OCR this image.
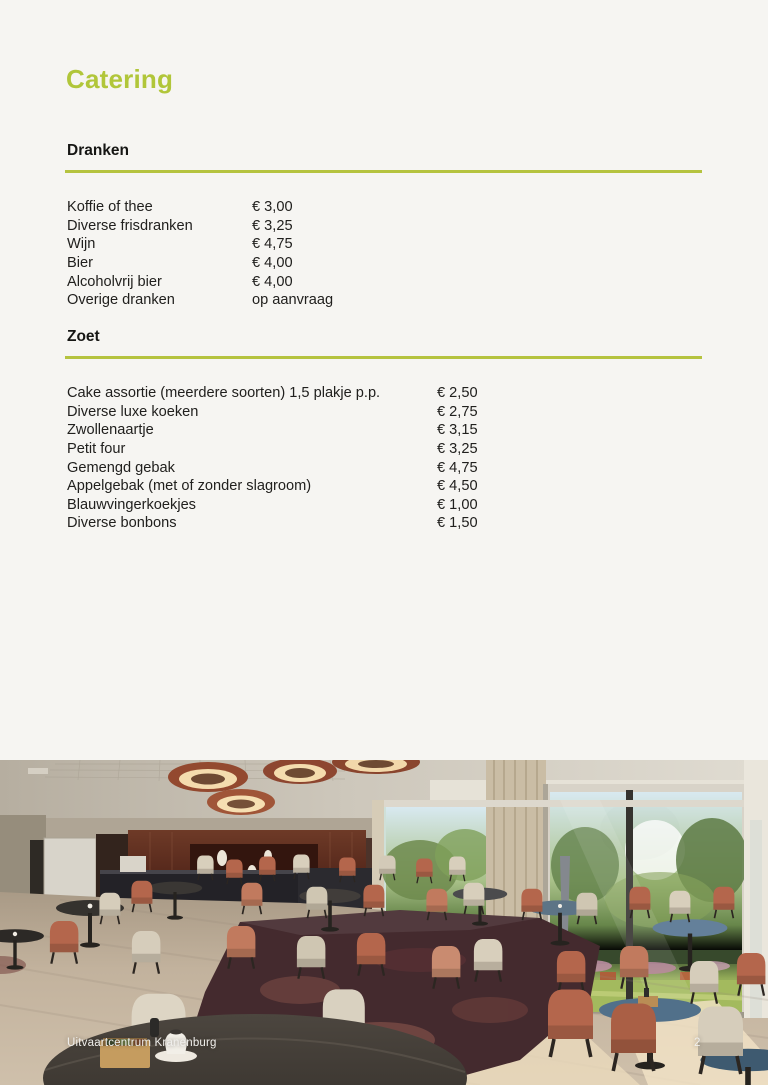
Catering
Dranken
Koffie of thee	€ 3,00
Diverse frisdranken	€ 3,25
Wijn	€ 4,75
Bier	€ 4,00
Alcoholvrij bier	€ 4,00
Overige dranken	op aanvraag
Zoet
Cake assortie (meerdere soorten) 1,5 plakje p.p.	€ 2,50
Diverse luxe koeken	€ 2,75
Zwollenaartje	€ 3,15
Petit four	€ 3,25
Gemengd gebak	€ 4,75
Appelgebak (met of zonder slagroom)	€ 4,50
Blauwvingerkoekjes	€ 1,00
Diverse bonbons	€ 1,50
Uitvaartcentrum Kranenburg	2
